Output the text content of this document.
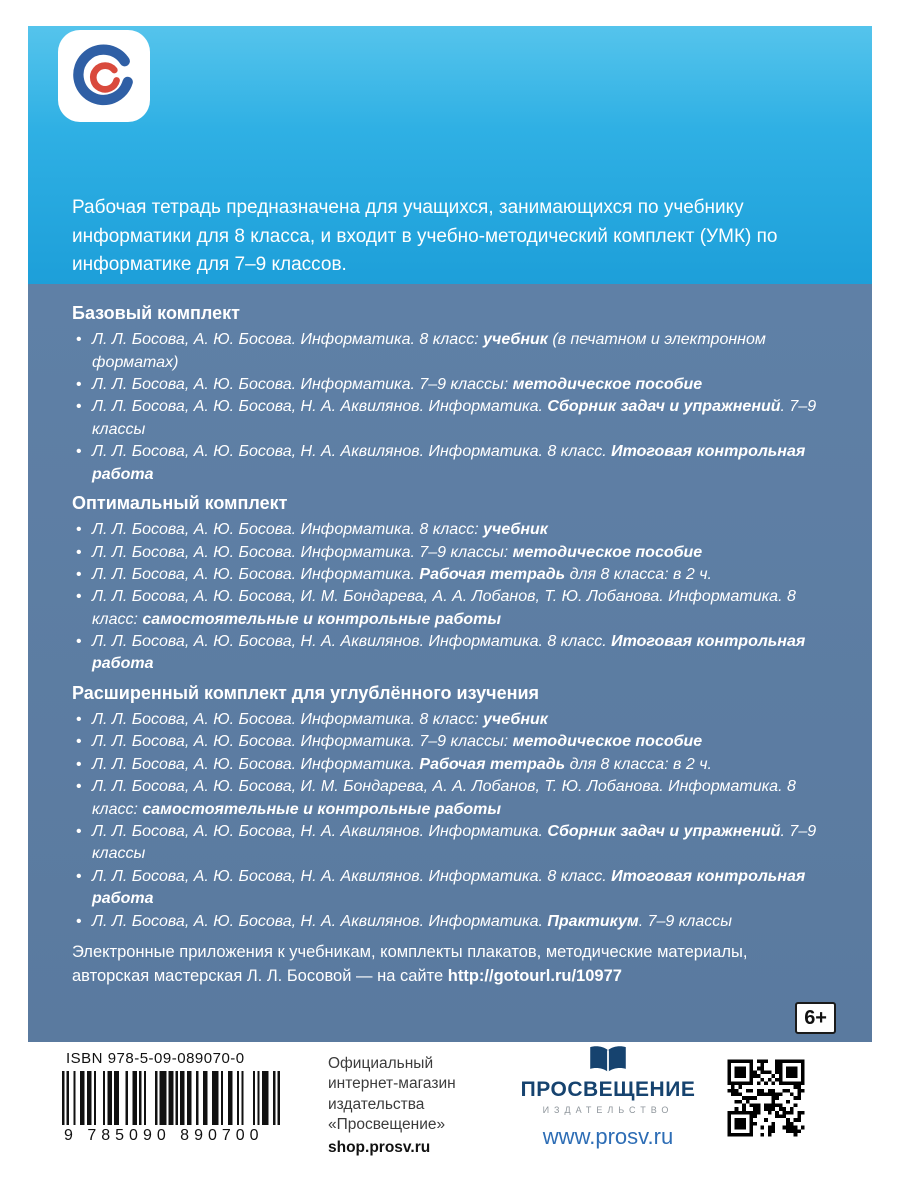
Рабочая тетрадь предназначена для учащихся, занимающихся по учебнику информатики для 8 класса, и входит в учебно-методический комплект (УМК) по информатике для 7–9 классов.

Базовый комплект
• Л. Л. Босова, А. Ю. Босова. Информатика. 8 класс: учебник (в печатном и электронном форматах)
• Л. Л. Босова, А. Ю. Босова. Информатика. 7–9 классы: методическое пособие
• Л. Л. Босова, А. Ю. Босова, Н. А. Аквилянов. Информатика. Сборник задач и упражнений. 7–9 классы
• Л. Л. Босова, А. Ю. Босова, Н. А. Аквилянов. Информатика. 8 класс. Итоговая контрольная работа
Оптимальный комплект
• Л. Л. Босова, А. Ю. Босова. Информатика. 8 класс: учебник
• Л. Л. Босова, А. Ю. Босова. Информатика. 7–9 классы: методическое пособие
• Л. Л. Босова, А. Ю. Босова. Информатика. Рабочая тетрадь для 8 класса: в 2 ч.
• Л. Л. Босова, А. Ю. Босова, И. М. Бондарева, А. А. Лобанов, Т. Ю. Лобанова. Информатика. 8 класс: самостоятельные и контрольные работы
• Л. Л. Босова, А. Ю. Босова, Н. А. Аквилянов. Информатика. 8 класс. Итоговая контрольная работа
Расширенный комплект для углублённого изучения
• Л. Л. Босова, А. Ю. Босова. Информатика. 8 класс: учебник
• Л. Л. Босова, А. Ю. Босова. Информатика. 7–9 классы: методическое пособие
• Л. Л. Босова, А. Ю. Босова. Информатика. Рабочая тетрадь для 8 класса: в 2 ч.
• Л. Л. Босова, А. Ю. Босова, И. М. Бондарева, А. А. Лобанов, Т. Ю. Лобанова. Информатика. 8 класс: самостоятельные и контрольные работы
• Л. Л. Босова, А. Ю. Босова, Н. А. Аквилянов. Информатика. Сборник задач и упражнений. 7–9 классы
• Л. Л. Босова, А. Ю. Босова, Н. А. Аквилянов. Информатика. 8 класс. Итоговая контрольная работа
• Л. Л. Босова, А. Ю. Босова, Н. А. Аквилянов. Информатика. Практикум. 7–9 классы

Электронные приложения к учебникам, комплекты плакатов, методические материалы, авторская мастерская Л. Л. Босовой — на сайте http://gotourl.ru/10977

6+
ISBN 978-5-09-089070-0
9 785090 890700
Официальный
интернет-магазин
издательства
«Просвещение»
shop.prosv.ru
ПРОСВЕЩЕНИЕ
ИЗДАТЕЛЬСТВО
www.prosv.ru
